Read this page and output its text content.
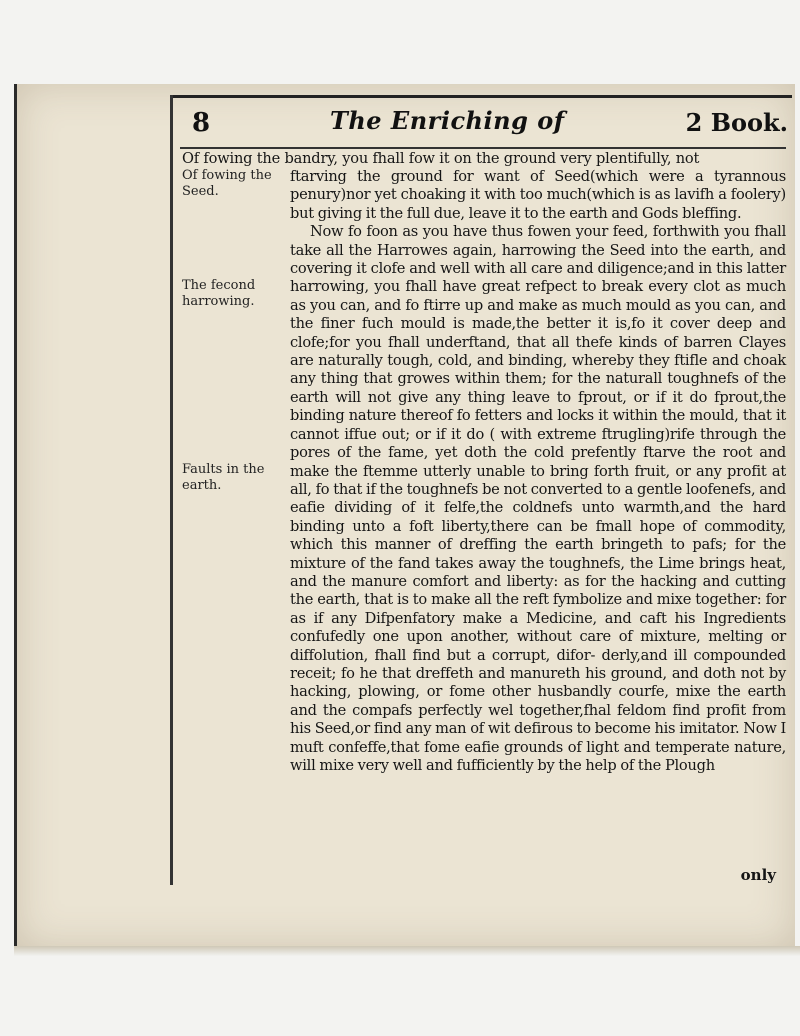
8	The Enriching of	2 Book.
Of fowing the Seed.
The fecond harrowing.
Faults in the earth.
Of fowing the bandry, you fhall fow it on the ground very plentifully, not

ftarving the ground for want of Seed(which were a tyrannous penury)nor yet choaking it with too much(which is as lavifh a foolery) but giving it the full due, leave it to the earth and Gods bleffing.

Now fo foon as you have thus fowen your feed, forthwith you fhall take all the Harrowes again, harrowing the Seed into the earth, and covering it clofe and well with all care and diligence;and in this latter harrowing, you fhall have great refpect to break every clot as much as you can, and fo ftirre up and make as much mould as you can, and the finer fuch mould is made,the better it is,fo it cover deep and clofe;for you fhall underftand, that all thefe kinds of barren Clayes are naturally tough, cold, and binding, whereby they ftifle and choak any thing that growes within them; for the naturall toughnefs of the earth will not give any thing leave to fprout, or if it do fprout,the binding nature thereof fo fetters and locks it within the mould, that it cannot iffue out; or if it do ( with extreme ftrugling)rife through the pores of the fame, yet doth the cold prefently ftarve the root and make the ftemme utterly unable to bring forth fruit, or any profit at all, fo that if the toughnefs be not converted to a gentle loofenefs, and eafie dividing of it felfe,the coldnefs unto warmth,and the hard binding unto a foft liberty,there can be fmall hope of commodity, which this manner of dreffing the earth bringeth to pafs; for the mixture of the fand takes away the toughnefs, the Lime brings heat, and the manure comfort and liberty: as for the hacking and cutting the earth, that is to make all the reft fymbolize and mixe together: for as if any Difpenfatory make a Medicine, and caft his Ingredients confufedly one upon another, without care of mixture, melting or diffolution, fhall find but a corrupt, difor- derly,and ill compounded receit; fo he that dreffeth and manureth his ground, and doth not by hacking, plowing, or fome other husbandly courfe, mixe the earth and the compafs perfectly wel together,fhal feldom find profit from his Seed,or find any man of wit defirous to become his imitator. Now I muft confeffe,that fome eafie grounds of light and temperate nature, will mixe very well and fufficiently by the help of the Plough

only
